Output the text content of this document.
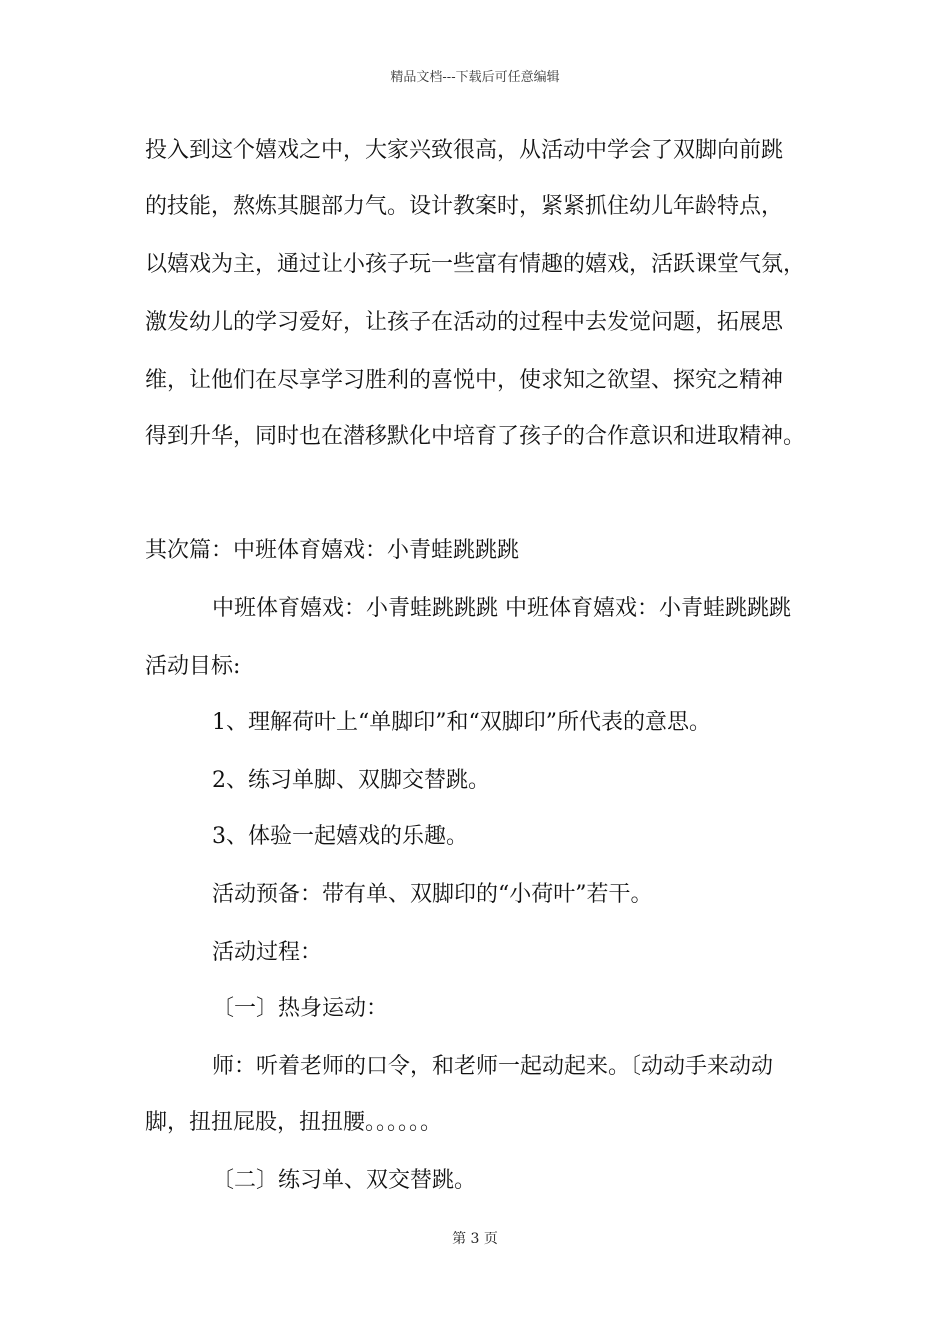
精品文档---下载后可任意编辑
投入到这个嬉戏之中，大家兴致很高，从活动中学会了双脚向前跳
的技能，熬炼其腿部力气。设计教案时，紧紧抓住幼儿年龄特点，
以嬉戏为主，通过让小孩子玩一些富有情趣的嬉戏，活跃课堂气氛，
激发幼儿的学习爱好，让孩子在活动的过程中去发觉问题，拓展思
维，让他们在尽享学习胜利的喜悦中，使求知之欲望、探究之精神
得到升华，同时也在潜移默化中培育了孩子的合作意识和进取精神。
其次篇：中班体育嬉戏：小青蛙跳跳跳
中班体育嬉戏：小青蛙跳跳跳 中班体育嬉戏：小青蛙跳跳跳
活动目标:
1、理解荷叶上“单脚印”和“双脚印”所代表的意思。
2、练习单脚、双脚交替跳。
3、体验一起嬉戏的乐趣。
活动预备：带有单、双脚印的“小荷叶”若干。
活动过程：
〔一〕热身运动：
师：听着老师的口令，和老师一起动起来。〔动动手来动动
脚，扭扭屁股，扭扭腰。。。。。。
〔二〕练习单、双交替跳。
第 3 页
